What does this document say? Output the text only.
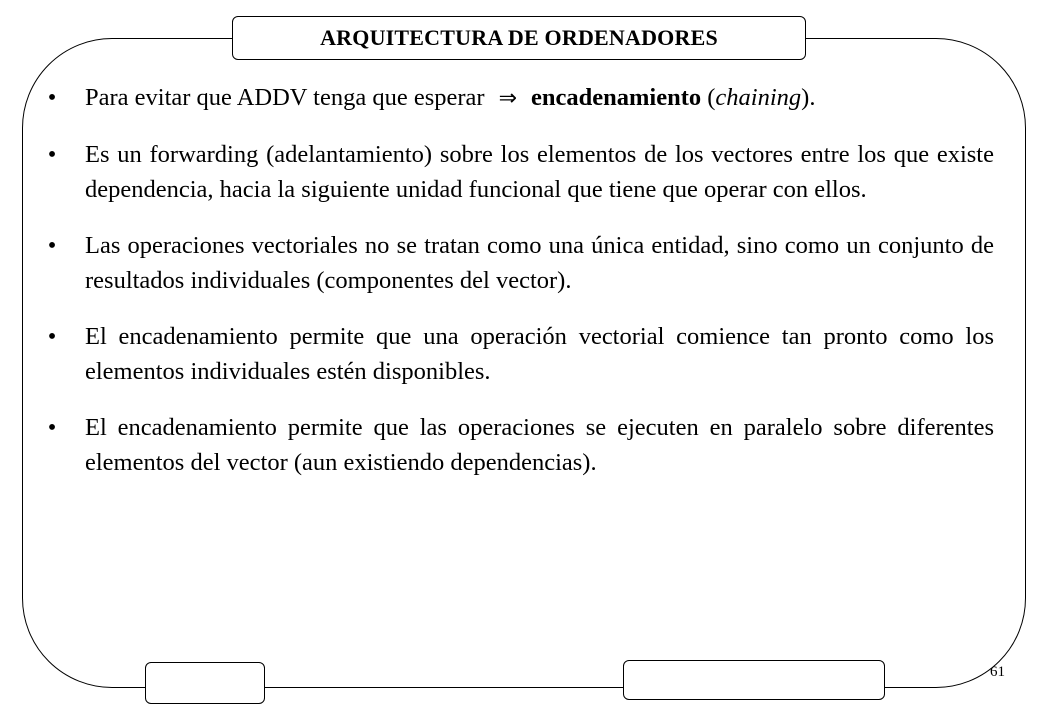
ARQUITECTURA DE ORDENADORES
• Para evitar que ADDV tenga que esperar ⇒ encadenamiento (chaining).
• Es un forwarding (adelantamiento) sobre los elementos de los vectores entre los que existe dependencia, hacia la siguiente unidad funcional que tiene que operar con ellos.
• Las operaciones vectoriales no se tratan como una única entidad, sino como un conjunto de resultados individuales (componentes del vector).
• El encadenamiento permite que una operación vectorial comience tan pronto como los elementos individuales estén disponibles.
• El encadenamiento permite que las operaciones se ejecuten en paralelo sobre diferentes elementos del vector (aun existiendo dependencias).
61
